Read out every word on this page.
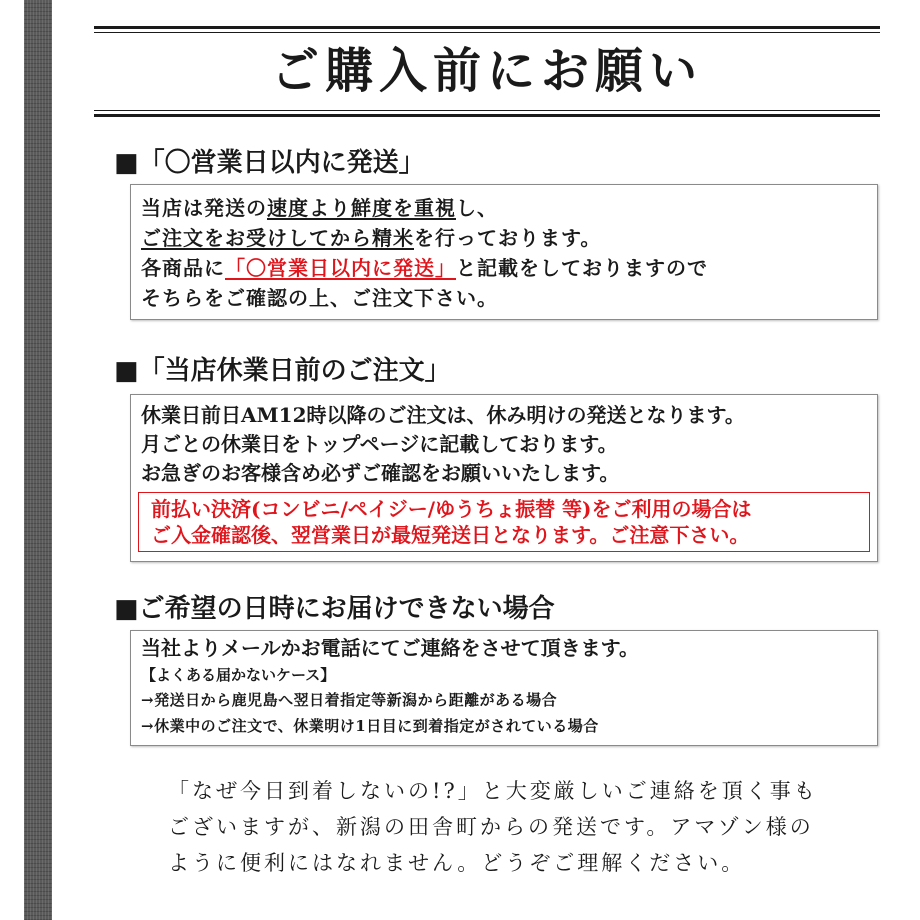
ご購入前にお願い
■「〇営業日以内に発送」
当店は発送の速度より鮮度を重視し、
ご注文をお受けしてから精米を行っております。
各商品に「〇営業日以内に発送」と記載をしておりますので
そちらをご確認の上、ご注文下さい。
■「当店休業日前のご注文」
休業日前日AM12時以降のご注文は、休み明けの発送となります。
月ごとの休業日をトップページに記載しております。
お急ぎのお客様含め必ずご確認をお願いいたします。
前払い決済(コンビニ/ペイジー/ゆうちょ振替 等)をご利用の場合は
ご入金確認後、翌営業日が最短発送日となります。ご注意下さい。
■ご希望の日時にお届けできない場合
当社よりメールかお電話にてご連絡をさせて頂きます。
【よくある届かないケース】
→発送日から鹿児島へ翌日着指定等新潟から距離がある場合
→休業中のご注文で、休業明け1日目に到着指定がされている場合
「なぜ今日到着しないの!?」と大変厳しいご連絡を頂く事も
ございますが、新潟の田舎町からの発送です。アマゾン様の
ように便利にはなれません。どうぞご理解ください。
